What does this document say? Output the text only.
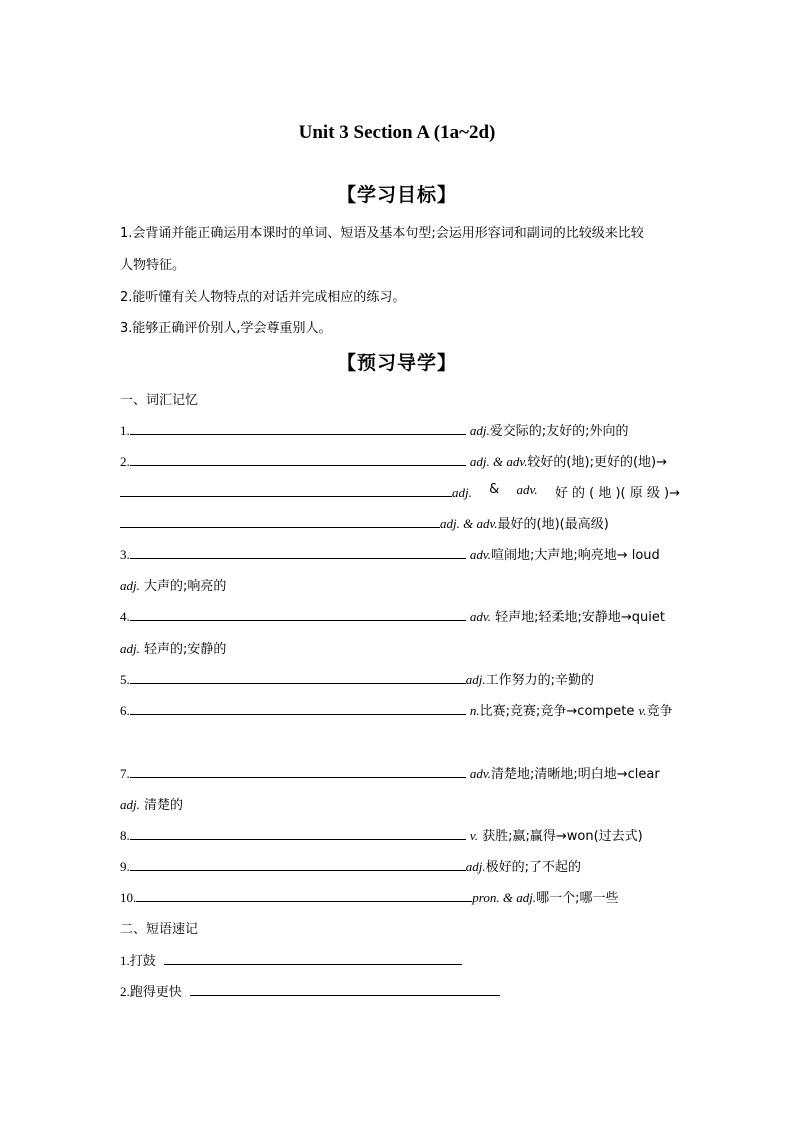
Unit 3 Section A (1a~2d)
【学习目标】
1.会背诵并能正确运用本课时的单词、短语及基本句型;会运用形容词和副词的比较级来比较
人物特征。
2.能听懂有关人物特点的对话并完成相应的练习。
3.能够正确评价别人,学会尊重别人。
【预习导学】
一、词汇记忆
1.	adj.爱交际的;友好的;外向的
2.	adj. & adv.较好的(地);更好的(地)→
adj. & adv. 好 的 ( 地 )( 原 级 )→
adj. & adv.最好的(地)(最高级)
3.	adv.喧闹地;大声地;响亮地→ loud
adj. 大声的;响亮的
4.	adv. 轻声地;轻柔地;安静地→quiet
adj. 轻声的;安静的
5.	adj.工作努力的;辛勤的
6.	n.比赛;竞赛;竞争→compete v.竞争
7.	adv.清楚地;清晰地;明白地→clear
adj. 清楚的
8.	v. 获胜;赢;赢得→won(过去式)
9.	adj.极好的;了不起的
10.	pron. & adj.哪一个;哪一些
二、短语速记
1.打鼓
2.跑得更快
